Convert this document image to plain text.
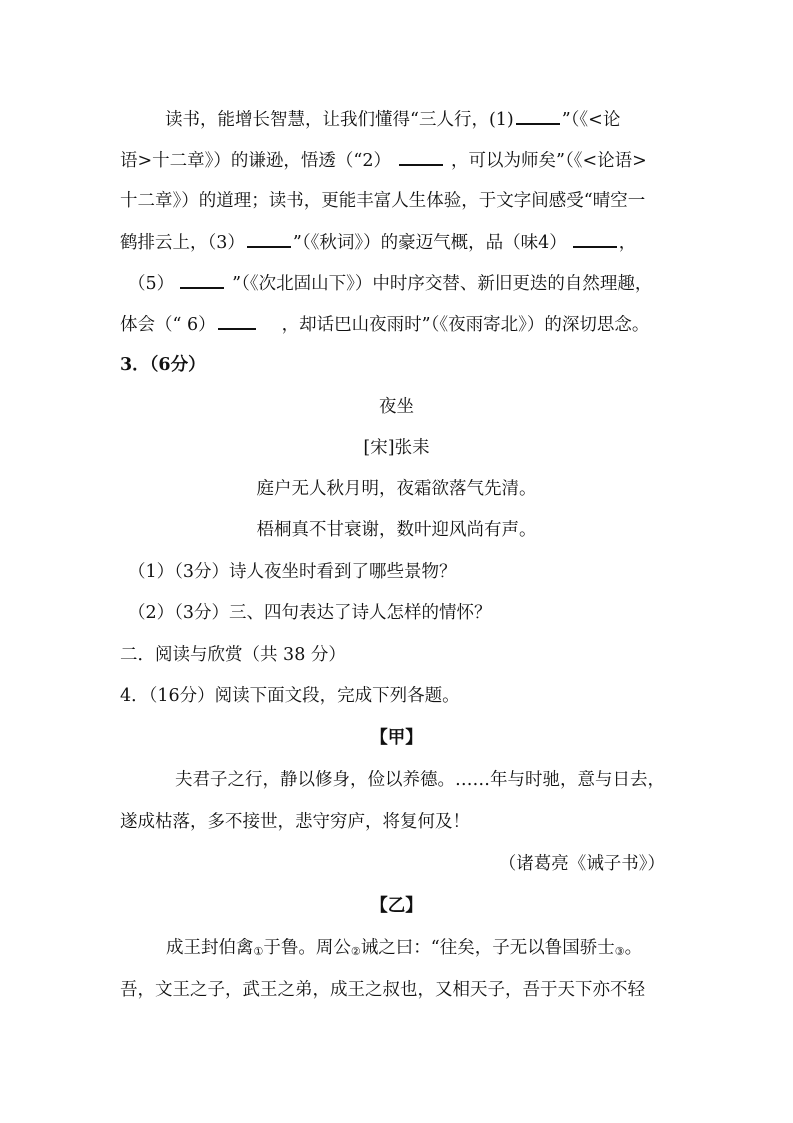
读书，能增长智慧，让我们懂得“三人行，(1)	”（《<论
语>十二章》）的谦逊，悟透（“2）	，可以为师矣”（《<论语>
十二章》）的道理；读书，更能丰富人生体验，于文字间感受“晴空一
鹤排云上，（3）	”（《秋词》）的豪迈气概，品（味4）	，
（5）	”（《次北固山下》）中时序交替、新旧更迭的自然理趣，
体会（“ 6）	，却话巴山夜雨时”（《夜雨寄北》）的深切思念。
3．（6分）
夜坐
[宋]张耒
庭户无人秋月明，夜霜欲落气先清。
梧桐真不甘衰谢，数叶迎风尚有声。
（1）（3分）诗人夜坐时看到了哪些景物？
（2）（3分）三、四句表达了诗人怎样的情怀？
二．阅读与欣赏（共 38 分）
4．（16分）阅读下面文段，完成下列各题。
【甲】
夫君子之行，静以修身，俭以养德。……年与时驰，意与日去，
遂成枯落，多不接世，悲守穷庐，将复何及！
（诸葛亮《诫子书》）
【乙】
成王封伯禽$_①$于鲁。周公$_②$诫之曰：“往矣，子无以鲁国骄士$_③$。
吾，文王之子，武王之弟，成王之叔也，又相天子，吾于天下亦不轻
